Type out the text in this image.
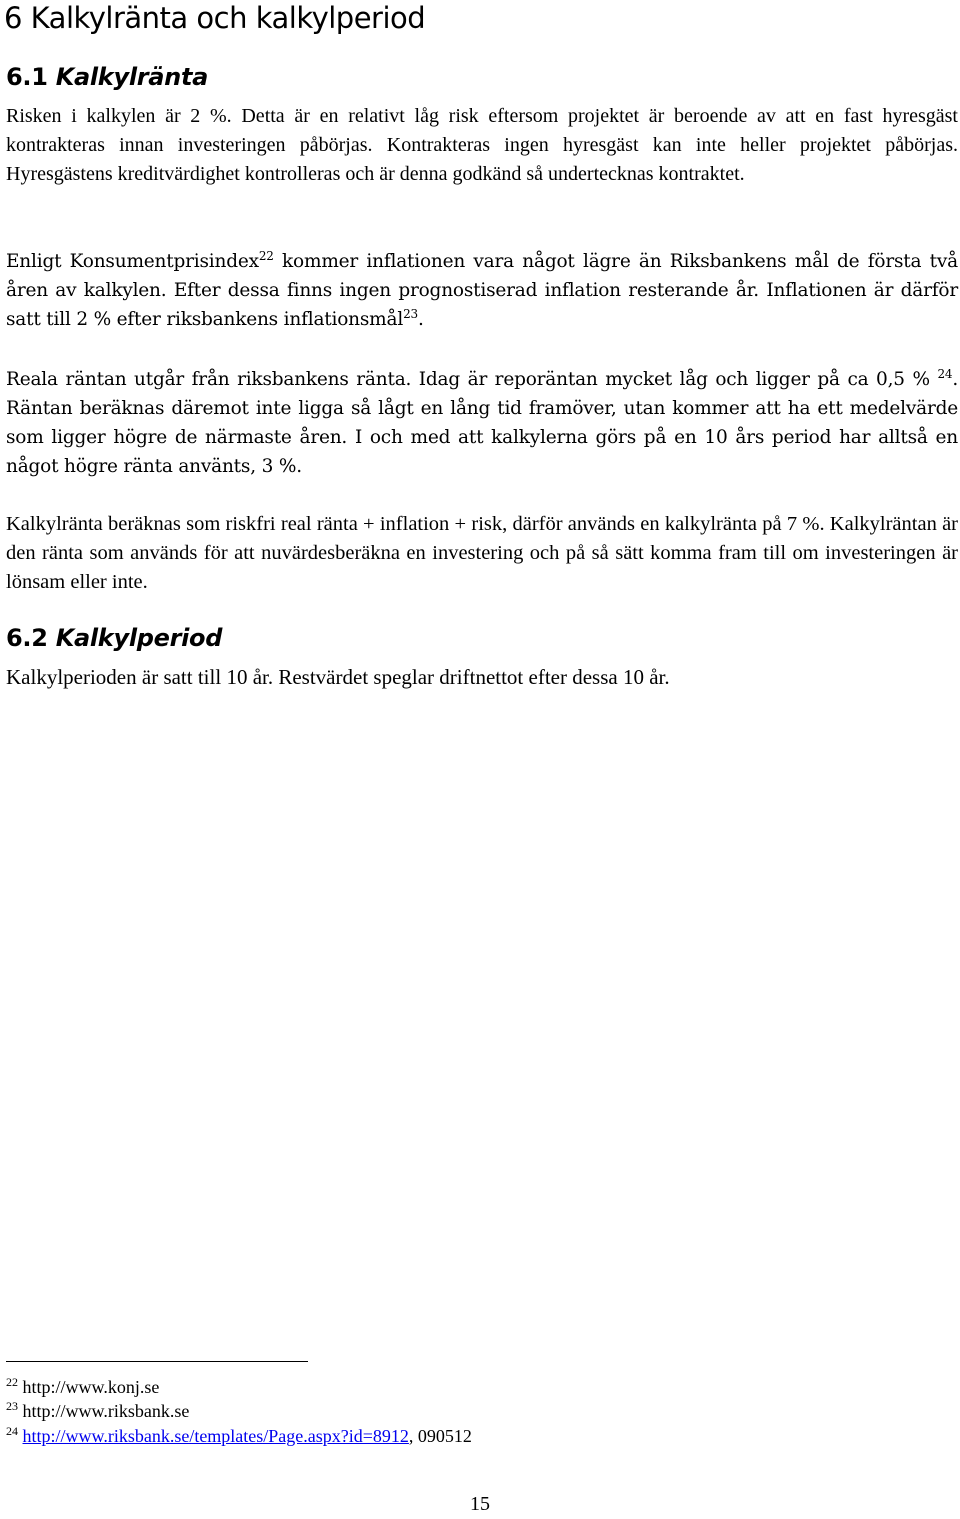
6 Kalkylränta och kalkylperiod
6.1 Kalkylränta

Risken i kalkylen är 2 %. Detta är en relativt låg risk eftersom projektet är beroende av att en fast hyresgäst kontrakteras innan investeringen påbörjas. Kontrakteras ingen hyresgäst kan inte heller projektet påbörjas. Hyresgästens kreditvärdighet kontrolleras och är denna godkänd så undertecknas kontraktet.

Enligt Konsumentprisindex$^{22}$ kommer inflationen vara något lägre än Riksbankens mål de första två åren av kalkylen. Efter dessa finns ingen prognostiserad inflation resterande år. Inflationen är därför satt till 2 % efter riksbankens inflationsmål$^{23}$.

Reala räntan utgår från riksbankens ränta. Idag är reporäntan mycket låg och ligger på ca 0,5 % $^{24}$. Räntan beräknas däremot inte ligga så lågt en lång tid framöver, utan kommer att ha ett medelvärde som ligger högre de närmaste åren. I och med att kalkylerna görs på en 10 års period har alltså en något högre ränta använts, 3 %.

Kalkylränta beräknas som riskfri real ränta + inflation + risk, därför används en kalkylränta på 7 %. Kalkylräntan är den ränta som används för att nuvärdesberäkna en investering och på så sätt komma fram till om investeringen är lönsam eller inte.

6.2 Kalkylperiod

Kalkylperioden är satt till 10 år. Restvärdet speglar driftnettot efter dessa 10 år.

$^{22}$ http://www.konj.se

$^{23}$ http://www.riksbank.se

$^{24}$ http://www.riksbank.se/templates/Page.aspx?id=8912, 090512

15
